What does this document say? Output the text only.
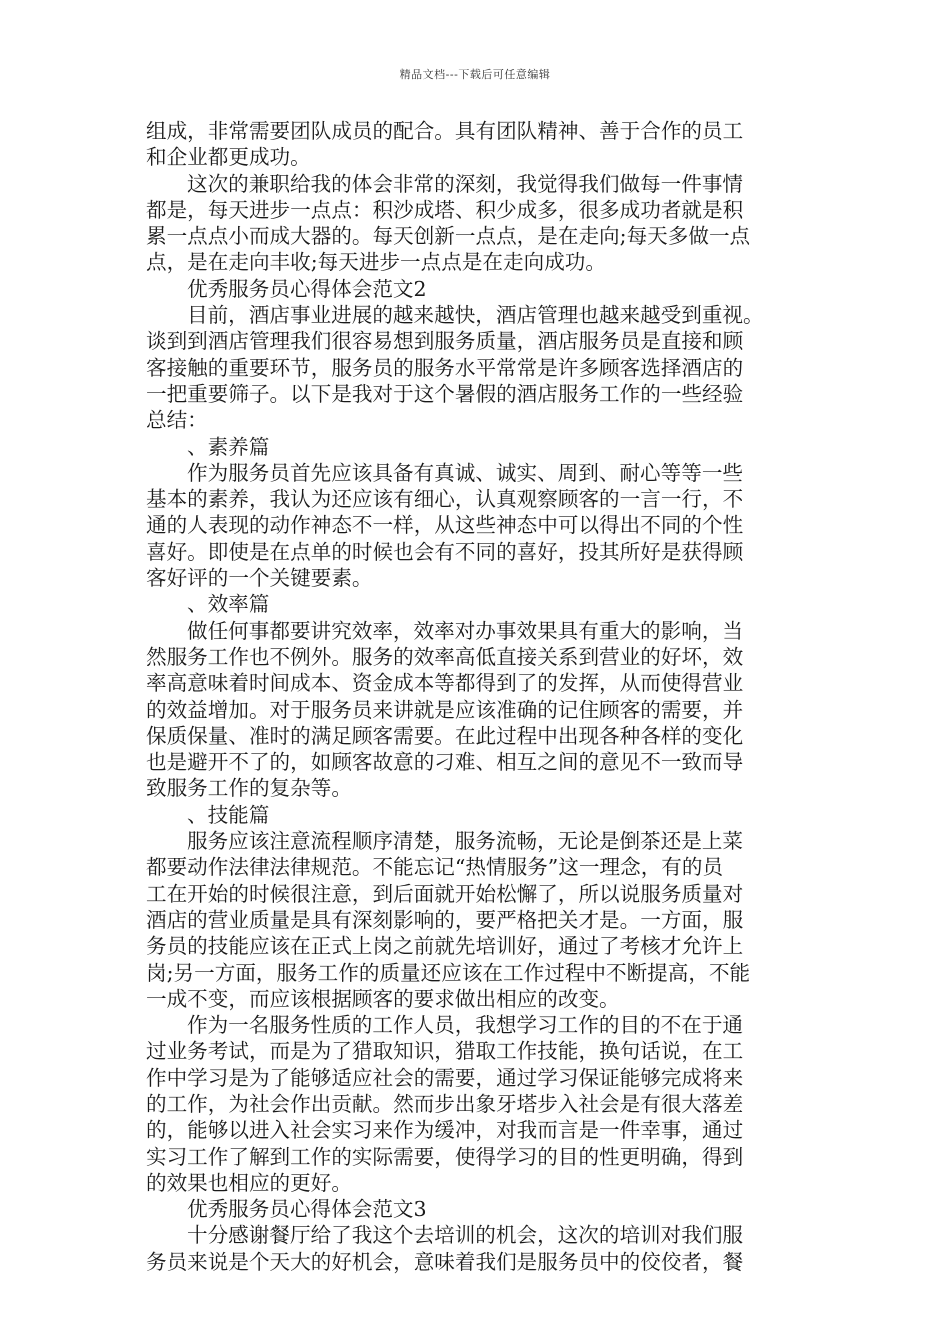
精品文档---下载后可任意编辑
组成，非常需要团队成员的配合。具有团队精神、善于合作的员工
和企业都更成功。
这次的兼职给我的体会非常的深刻，我觉得我们做每一件事情
都是，每天进步一点点：积沙成塔、积少成多，很多成功者就是积
累一点点小而成大器的。每天创新一点点，是在走向;每天多做一点
点，是在走向丰收;每天进步一点点是在走向成功。
优秀服务员心得体会范文2
目前，酒店事业进展的越来越快，酒店管理也越来越受到重视。
谈到到酒店管理我们很容易想到服务质量，酒店服务员是直接和顾
客接触的重要环节，服务员的服务水平常常是许多顾客选择酒店的
一把重要筛子。以下是我对于这个暑假的酒店服务工作的一些经验
总结：
、素养篇
作为服务员首先应该具备有真诚、诚实、周到、耐心等等一些
基本的素养，我认为还应该有细心，认真观察顾客的一言一行，不
通的人表现的动作神态不一样，从这些神态中可以得出不同的个性
喜好。即使是在点单的时候也会有不同的喜好，投其所好是获得顾
客好评的一个关键要素。
、效率篇
做任何事都要讲究效率，效率对办事效果具有重大的影响，当
然服务工作也不例外。服务的效率高低直接关系到营业的好坏，效
率高意味着时间成本、资金成本等都得到了的发挥，从而使得营业
的效益增加。对于服务员来讲就是应该准确的记住顾客的需要，并
保质保量、准时的满足顾客需要。在此过程中出现各种各样的变化
也是避开不了的，如顾客故意的刁难、相互之间的意见不一致而导
致服务工作的复杂等。
、技能篇
服务应该注意流程顺序清楚，服务流畅，无论是倒茶还是上菜
都要动作法律法律规范。不能忘记“热情服务”这一理念，有的员
工在开始的时候很注意，到后面就开始松懈了，所以说服务质量对
酒店的营业质量是具有深刻影响的，要严格把关才是。一方面，服
务员的技能应该在正式上岗之前就先培训好，通过了考核才允许上
岗;另一方面，服务工作的质量还应该在工作过程中不断提高，不能
一成不变，而应该根据顾客的要求做出相应的改变。
作为一名服务性质的工作人员，我想学习工作的目的不在于通
过业务考试，而是为了猎取知识，猎取工作技能，换句话说，在工
作中学习是为了能够适应社会的需要，通过学习保证能够完成将来
的工作，为社会作出贡献。然而步出象牙塔步入社会是有很大落差
的，能够以进入社会实习来作为缓冲，对我而言是一件幸事，通过
实习工作了解到工作的实际需要，使得学习的目的性更明确，得到
的效果也相应的更好。
优秀服务员心得体会范文3
十分感谢餐厅给了我这个去培训的机会，这次的培训对我们服
务员来说是个天大的好机会，意味着我们是服务员中的佼佼者，餐
